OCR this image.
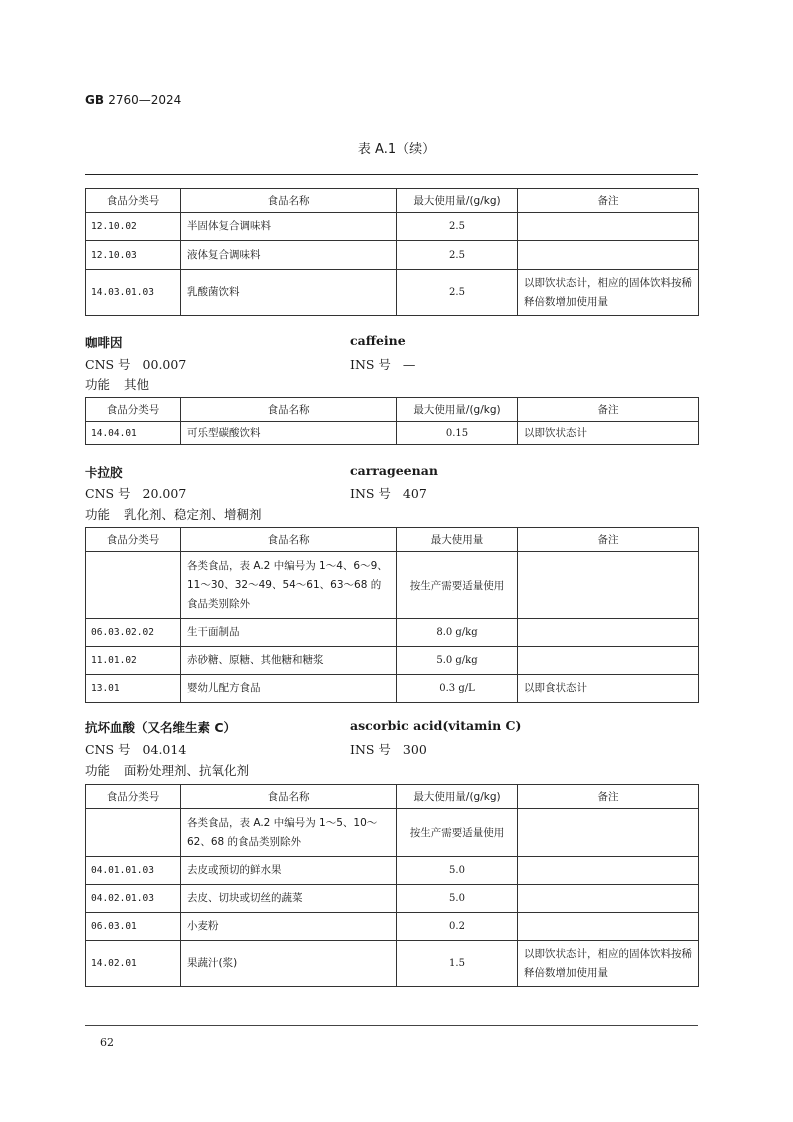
GB 2760—2024
表 A.1（续）
食品分类号	食品名称	最大使用量/(g/kg)	备注
12.10.02	半固体复合调味料	2.5	
12.10.03	液体复合调味料	2.5	
14.03.01.03	乳酸菌饮料	2.5	以即饮状态计，相应的固体饮料按稀释倍数增加使用量
咖啡因	caffeine
CNS 号 00.007	INS 号 —
功能 其他
食品分类号	食品名称	最大使用量/(g/kg)	备注
14.04.01	可乐型碳酸饮料	0.15	以即饮状态计
卡拉胶	carrageenan
CNS 号 20.007	INS 号 407
功能 乳化剂、稳定剂、增稠剂
食品分类号	食品名称	最大使用量	备注
	各类食品，表 A.2 中编号为 1～4、6～9、11～30、32～49、54～61、63～68 的食品类别除外	按生产需要适量使用	
06.03.02.02	生干面制品	8.0 g/kg	
11.01.02	赤砂糖、原糖、其他糖和糖浆	5.0 g/kg	
13.01	婴幼儿配方食品	0.3 g/L	以即食状态计
抗坏血酸（又名维生素 C）	ascorbic acid(vitamin C)
CNS 号 04.014	INS 号 300
功能 面粉处理剂、抗氧化剂
食品分类号	食品名称	最大使用量/(g/kg)	备注
	各类食品，表 A.2 中编号为 1～5、10～62、68 的食品类别除外	按生产需要适量使用	
04.01.01.03	去皮或预切的鲜水果	5.0	
04.02.01.03	去皮、切块或切丝的蔬菜	5.0	
06.03.01	小麦粉	0.2	
14.02.01	果蔬汁(浆)	1.5	以即饮状态计，相应的固体饮料按稀释倍数增加使用量
62
